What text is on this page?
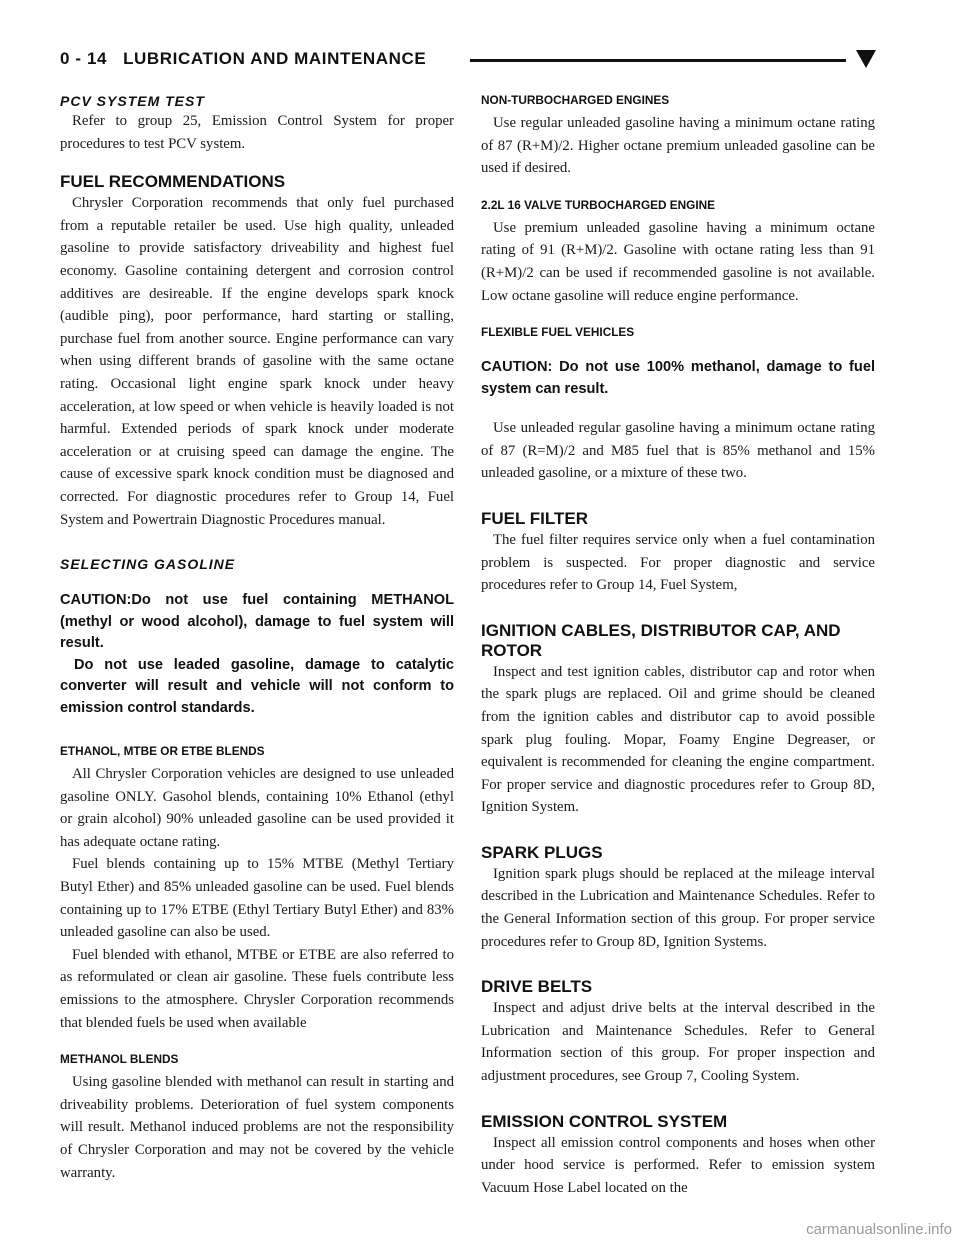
0 - 14 LUBRICATION AND MAINTENANCE
PCV SYSTEM TEST

Refer to group 25, Emission Control System for proper procedures to test PCV system.

FUEL RECOMMENDATIONS

Chrysler Corporation recommends that only fuel purchased from a reputable retailer be used. Use high quality, unleaded gasoline to provide satisfactory driveability and highest fuel economy. Gasoline containing detergent and corrosion control additives are desireable. If the engine develops spark knock (audible ping), poor performance, hard starting or stalling, purchase fuel from another source. Engine performance can vary when using different brands of gasoline with the same octane rating. Occasional light engine spark knock under heavy acceleration, at low speed or when vehicle is heavily loaded is not harmful. Extended periods of spark knock under moderate acceleration or at cruising speed can damage the engine. The cause of excessive spark knock condition must be diagnosed and corrected. For diagnostic procedures refer to Group 14, Fuel System and Powertrain Diagnostic Procedures manual.

SELECTING GASOLINE

CAUTION:Do not use fuel containing METHANOL (methyl or wood alcohol), damage to fuel system will result.

Do not use leaded gasoline, damage to catalytic converter will result and vehicle will not conform to emission control standards.

ETHANOL, MTBE OR ETBE BLENDS

All Chrysler Corporation vehicles are designed to use unleaded gasoline ONLY. Gasohol blends, containing 10% Ethanol (ethyl or grain alcohol) 90% unleaded gasoline can be used provided it has adequate octane rating.

Fuel blends containing up to 15% MTBE (Methyl Tertiary Butyl Ether) and 85% unleaded gasoline can be used. Fuel blends containing up to 17% ETBE (Ethyl Tertiary Butyl Ether) and 83% unleaded gasoline can also be used.

Fuel blended with ethanol, MTBE or ETBE are also referred to as reformulated or clean air gasoline. These fuels contribute less emissions to the atmosphere. Chrysler Corporation recommends that blended fuels be used when available

METHANOL BLENDS

Using gasoline blended with methanol can result in starting and driveability problems. Deterioration of fuel system components will result. Methanol induced problems are not the responsibility of Chrysler Corporation and may not be covered by the vehicle warranty.

NON-TURBOCHARGED ENGINES

Use regular unleaded gasoline having a minimum octane rating of 87 (R+M)/2. Higher octane premium unleaded gasoline can be used if desired.

2.2L 16 VALVE TURBOCHARGED ENGINE

Use premium unleaded gasoline having a minimum octane rating of 91 (R+M)/2. Gasoline with octane rating less than 91 (R+M)/2 can be used if recommended gasoline is not available. Low octane gasoline will reduce engine performance.

FLEXIBLE FUEL VEHICLES

CAUTION: Do not use 100% methanol, damage to fuel system can result.

Use unleaded regular gasoline having a minimum octane rating of 87 (R=M)/2 and M85 fuel that is 85% methanol and 15% unleaded gasoline, or a mixture of these two.

FUEL FILTER

The fuel filter requires service only when a fuel contamination problem is suspected. For proper diagnostic and service procedures refer to Group 14, Fuel System,

IGNITION CABLES, DISTRIBUTOR CAP, AND ROTOR

Inspect and test ignition cables, distributor cap and rotor when the spark plugs are replaced. Oil and grime should be cleaned from the ignition cables and distributor cap to avoid possible spark plug fouling. Mopar, Foamy Engine Degreaser, or equivalent is recommended for cleaning the engine compartment. For proper service and diagnostic procedures refer to Group 8D, Ignition System.

SPARK PLUGS

Ignition spark plugs should be replaced at the mileage interval described in the Lubrication and Maintenance Schedules. Refer to the General Information section of this group. For proper service procedures refer to Group 8D, Ignition Systems.

DRIVE BELTS

Inspect and adjust drive belts at the interval described in the Lubrication and Maintenance Schedules. Refer to General Information section of this group. For proper inspection and adjustment procedures, see Group 7, Cooling System.

EMISSION CONTROL SYSTEM

Inspect all emission control components and hoses when other under hood service is performed. Refer to emission system Vacuum Hose Label located on the

carmanualsonline.info
